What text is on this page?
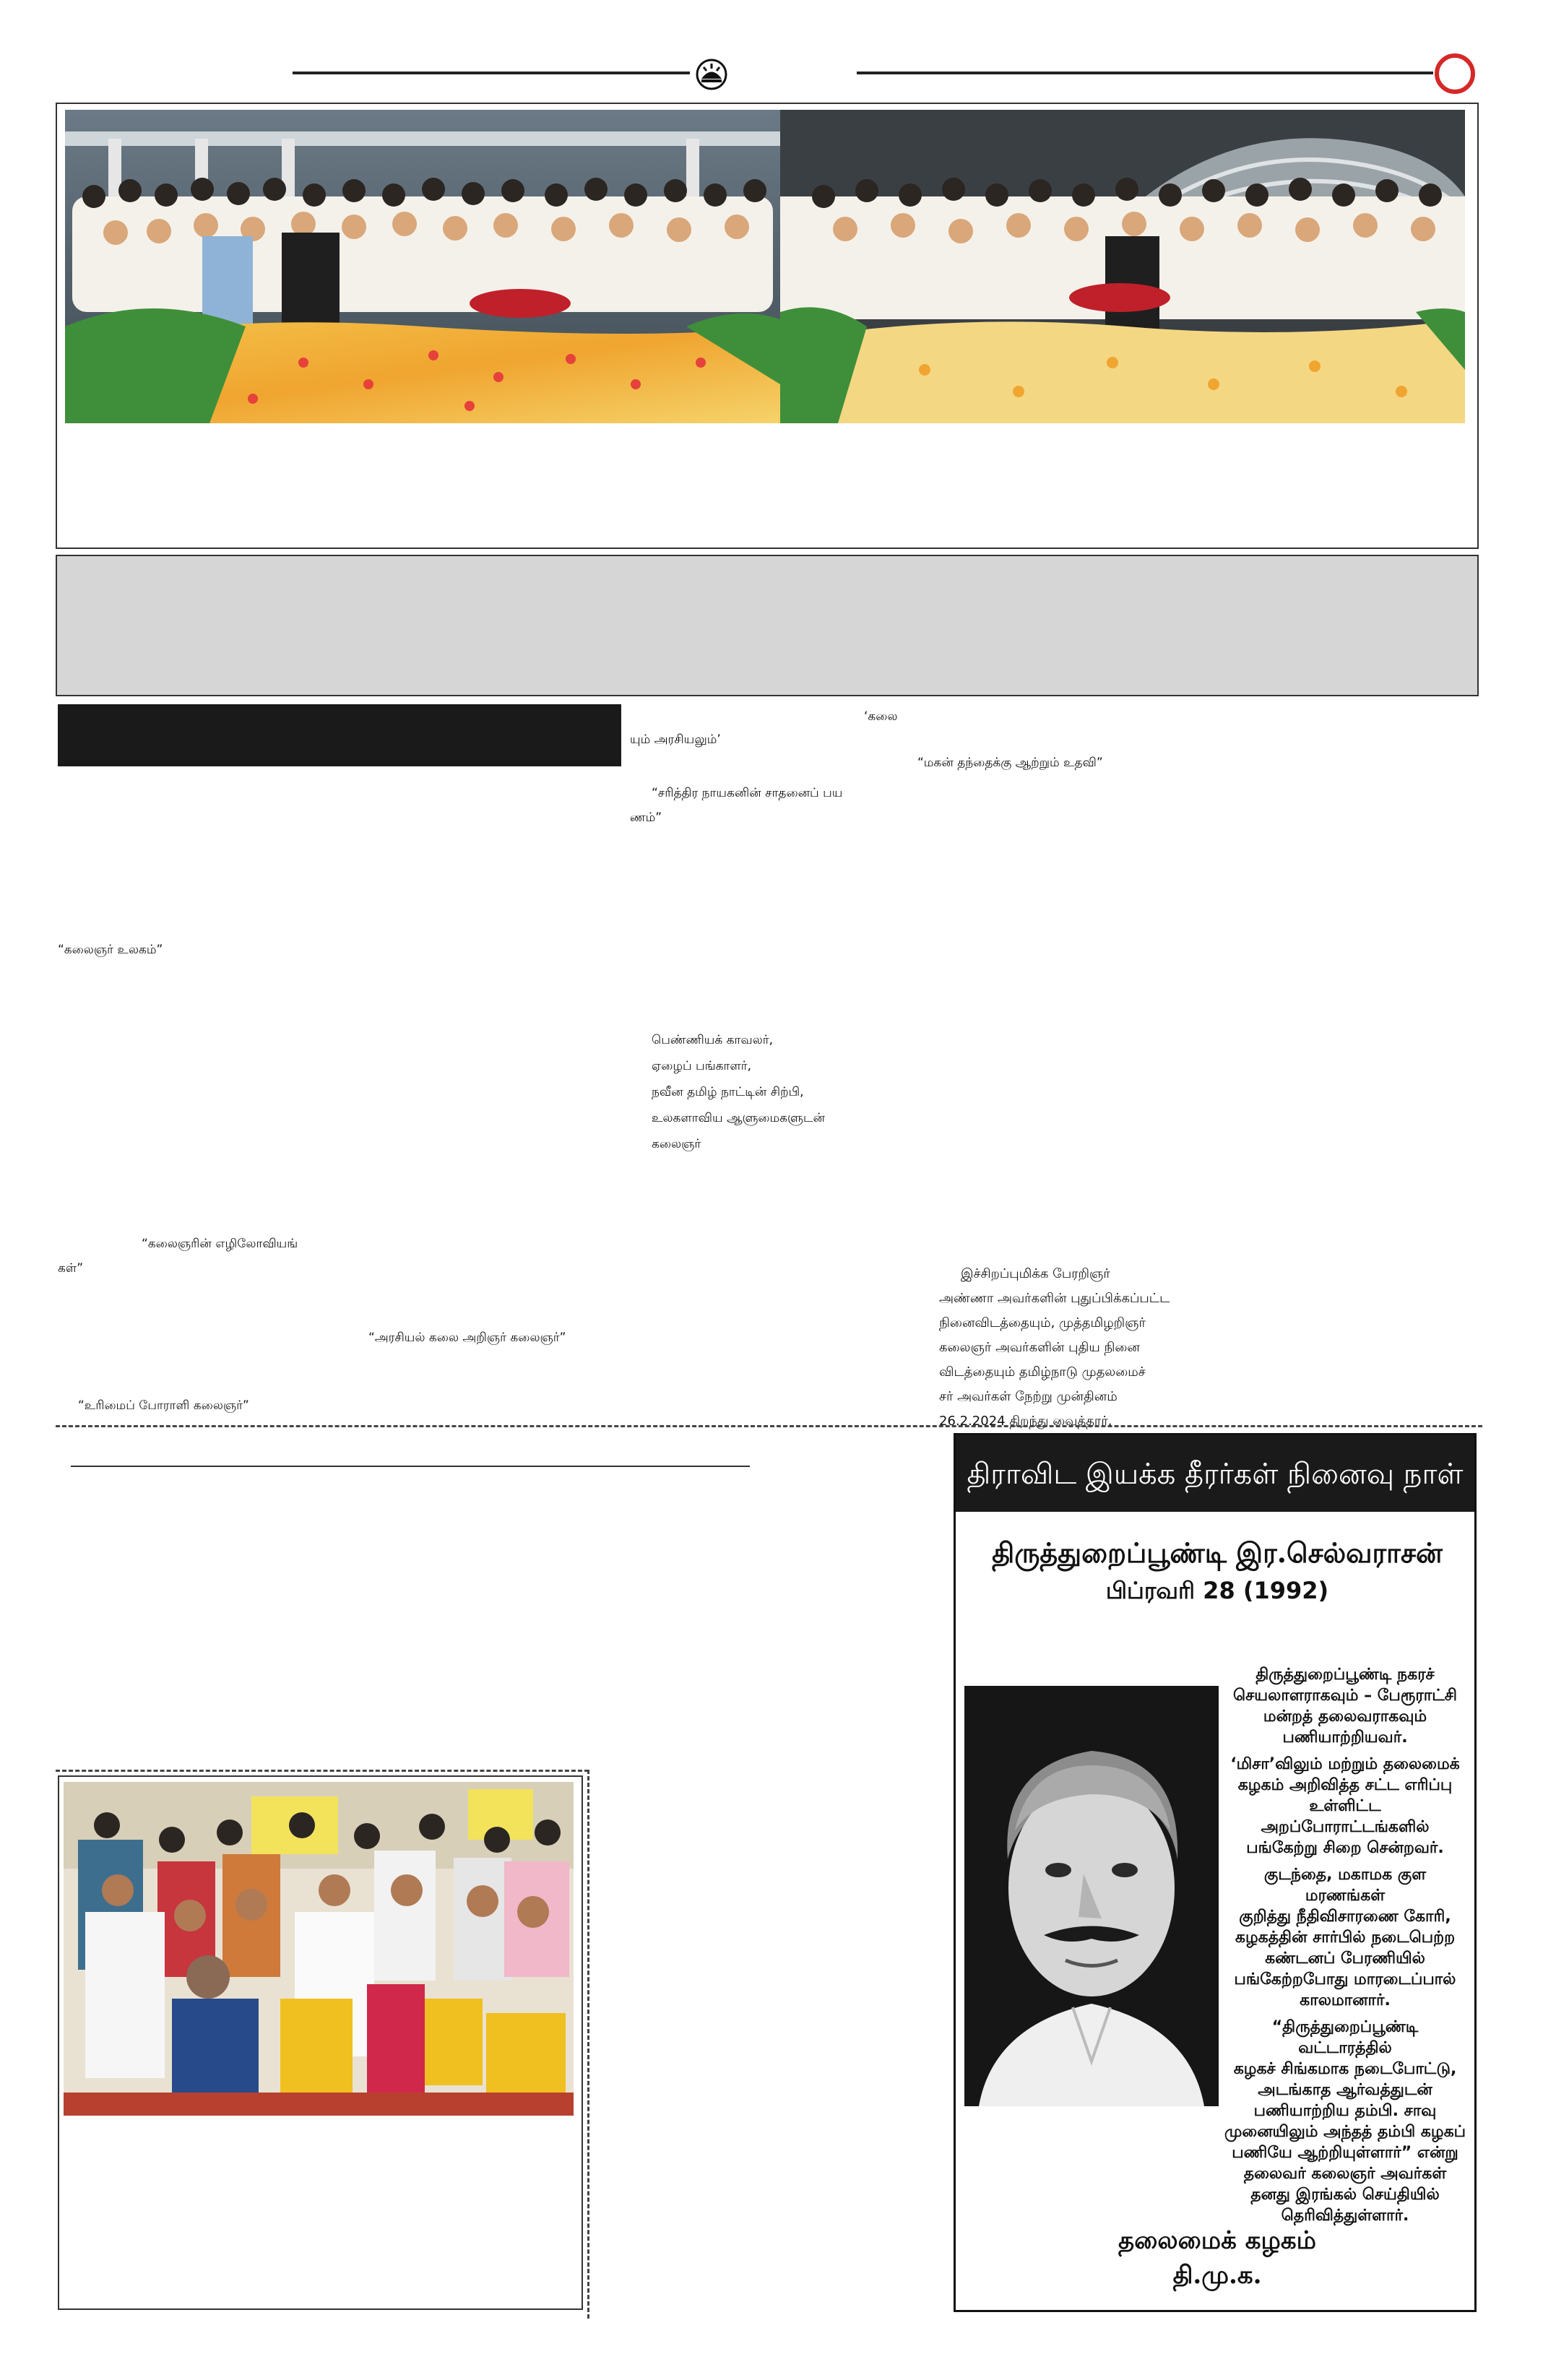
“கலைஞர் உலகம்”
“கலைஞரின் எழிலோவியங்
கள்”
“அரசியல் கலை அறிஞர் கலைஞர்”
“உரிமைப் போராளி கலைஞர்”
‘கலை
யும் அரசியலும்’
“மகன் தந்தைக்கு ஆற்றும் உதவி”
“சரித்திர நாயகனின் சாதனைப் பய
ணம்”
பெண்ணியக் காவலர்,
ஏழைப் பங்காளர்,
நவீன தமிழ் நாட்டின் சிற்பி,
உலகளாவிய ஆளுமைகளுடன்
கலைஞர்
இச்சிறப்புமிக்க பேரறிஞர்
அண்ணா அவர்களின் புதுப்பிக்கப்பட்ட
நினைவிடத்தையும், முத்தமிழறிஞர்
கலைஞர் அவர்களின் புதிய நினை
விடத்தையும் தமிழ்நாடு முதலமைச்
சர் அவர்கள் நேற்று முன்தினம்
26.2.2024 திறந்து வைத்தார்.
திராவிட இயக்க தீரர்கள் நினைவு நாள்
திருத்துறைப்பூண்டி இர.செல்வராசன்
பிப்ரவரி 28 (1992)
திருத்துறைப்பூண்டி நகரச்
செயலாளராகவும் – பேரூராட்சி
மன்றத் தலைவராகவும்
பணியாற்றியவர்.
‘மிசா’விலும் மற்றும் தலைமைக்
கழகம் அறிவித்த சட்ட எரிப்பு
உள்ளிட்ட அறப்போராட்டங்களில்
பங்கேற்று சிறை சென்றவர்.
குடந்தை, மகாமக குள மரணங்கள்
குறித்து நீதிவிசாரணை கோரி,
கழகத்தின் சார்பில் நடைபெற்ற
கண்டனப் பேரணியில்
பங்கேற்றபோது மாரடைப்பால்
காலமானார்.
“திருத்துறைப்பூண்டி வட்டாரத்தில்
கழகச் சிங்கமாக நடைபோட்டு,
அடங்காத ஆர்வத்துடன்
பணியாற்றிய தம்பி. சாவு
முனையிலும் அந்தத் தம்பி கழகப்
பணியே ஆற்றியுள்ளார்” என்று
தலைவர் கலைஞர் அவர்கள்
தனது இரங்கல் செய்தியில்
தெரிவித்துள்ளார்.
தலைமைக் கழகம்
தி.மு.க.
